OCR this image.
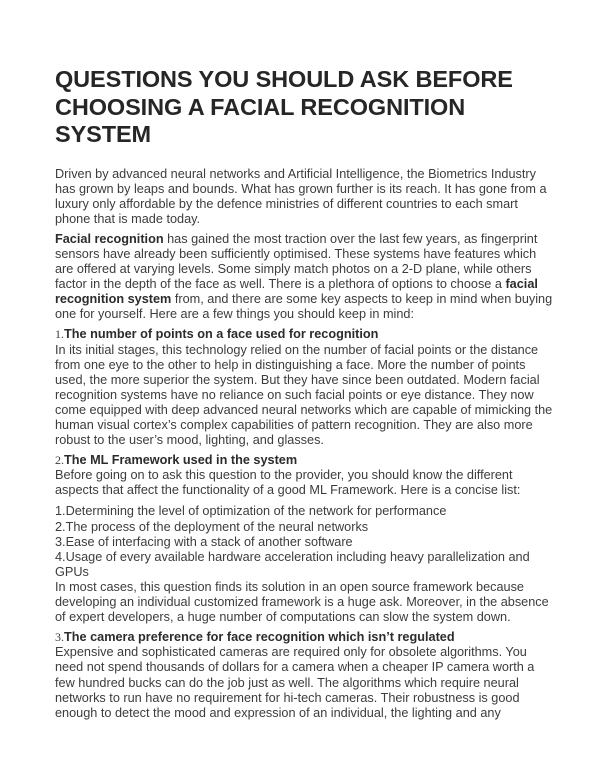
QUESTIONS YOU SHOULD ASK BEFORE CHOOSING A FACIAL RECOGNITION SYSTEM

Driven by advanced neural networks and Artificial Intelligence, the Biometrics Industry has grown by leaps and bounds. What has grown further is its reach. It has gone from a luxury only affordable by the defence ministries of different countries to each smart phone that is made today.

Facial recognition has gained the most traction over the last few years, as fingerprint sensors have already been sufficiently optimised. These systems have features which are offered at varying levels. Some simply match photos on a 2-D plane, while others factor in the depth of the face as well. There is a plethora of options to choose a facial recognition system from, and there are some key aspects to keep in mind when buying one for yourself. Here are a few things you should keep in mind:

1.The number of points on a face used for recognition

In its initial stages, this technology relied on the number of facial points or the distance from one eye to the other to help in distinguishing a face. More the number of points used, the more superior the system. But they have since been outdated. Modern facial recognition systems have no reliance on such facial points or eye distance. They now come equipped with deep advanced neural networks which are capable of mimicking the human visual cortex’s complex capabilities of pattern recognition. They are also more robust to the user’s mood, lighting, and glasses.

2.The ML Framework used in the system

Before going on to ask this question to the provider, you should know the different aspects that affect the functionality of a good ML Framework. Here is a concise list:

1.Determining the level of optimization of the network for performance
2.The process of the deployment of the neural networks
3.Ease of interfacing with a stack of another software
4.Usage of every available hardware acceleration including heavy parallelization and GPUs

In most cases, this question finds its solution in an open source framework because developing an individual customized framework is a huge ask. Moreover, in the absence of expert developers, a huge number of computations can slow the system down.

3.The camera preference for face recognition which isn’t regulated

Expensive and sophisticated cameras are required only for obsolete algorithms. You need not spend thousands of dollars for a camera when a cheaper IP camera worth a few hundred bucks can do the job just as well. The algorithms which require neural networks to run have no requirement for hi-tech cameras. Their robustness is good enough to detect the mood and expression of an individual, the lighting and any
